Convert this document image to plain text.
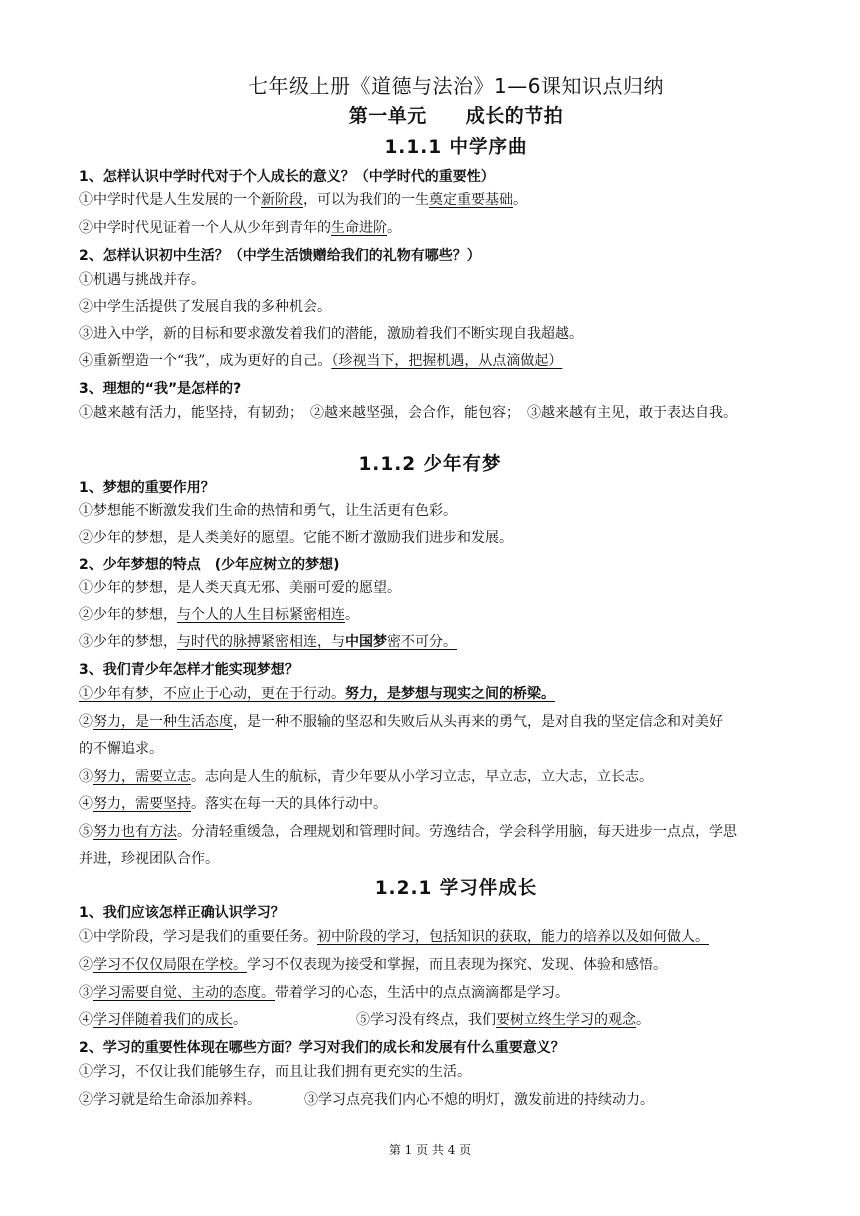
七年级上册《道德与法治》1—6课知识点归纳
第一单元　　成长的节拍
1.1.1 中学序曲
1、怎样认识中学时代对于个人成长的意义？（中学时代的重要性）
①中学时代是人生发展的一个新阶段，可以为我们的一生奠定重要基础。
②中学时代见证着一个人从少年到青年的生命进阶。
2、怎样认识初中生活？（中学生活馈赠给我们的礼物有哪些？）
①机遇与挑战并存。
②中学生活提供了发展自我的多种机会。
③进入中学，新的目标和要求激发着我们的潜能，激励着我们不断实现自我超越。
④重新塑造一个“我”，成为更好的自己。（珍视当下，把握机遇，从点滴做起）
3、理想的“我”是怎样的?
①越来越有活力，能坚持，有韧劲；　②越来越坚强，会合作，能包容；　③越来越有主见，敢于表达自我。
1.1.2 少年有梦
1、梦想的重要作用？
①梦想能不断激发我们生命的热情和勇气，让生活更有色彩。
②少年的梦想，是人类美好的愿望。它能不断才激励我们进步和发展。
2、少年梦想的特点　(少年应树立的梦想)
①少年的梦想，是人类天真无邪、美丽可爱的愿望。
②少年的梦想，与个人的人生目标紧密相连。
③少年的梦想，与时代的脉搏紧密相连，与中国梦密不可分。
3、我们青少年怎样才能实现梦想？
①少年有梦，不应止于心动，更在于行动。努力，是梦想与现实之间的桥梁。
②努力，是一种生活态度，是一种不服输的坚忍和失败后从头再来的勇气，是对自我的坚定信念和对美好
的不懈追求。
③努力，需要立志。志向是人生的航标，青少年要从小学习立志，早立志，立大志，立长志。
④努力，需要坚持。落实在每一天的具体行动中。
⑤努力也有方法。分清轻重缓急，合理规划和管理时间。劳逸结合，学会科学用脑，每天进步一点点，学思
并进，珍视团队合作。
1.2.1 学习伴成长
1、我们应该怎样正确认识学习？
①中学阶段，学习是我们的重要任务。初中阶段的学习，包括知识的获取，能力的培养以及如何做人。
②学习不仅仅局限在学校。学习不仅表现为接受和掌握，而且表现为探究、发现、体验和感悟。
③学习需要自觉、主动的态度。带着学习的心态，生活中的点点滴滴都是学习。
④学习伴随着我们的成长。	⑤学习没有终点，我们要树立终生学习的观念。
2、学习的重要性体现在哪些方面？学习对我们的成长和发展有什么重要意义？
①学习，不仅让我们能够生存，而且让我们拥有更充实的生活。
②学习就是给生命添加养料。	③学习点亮我们内心不熄的明灯，激发前进的持续动力。
第 1 页 共 4 页
